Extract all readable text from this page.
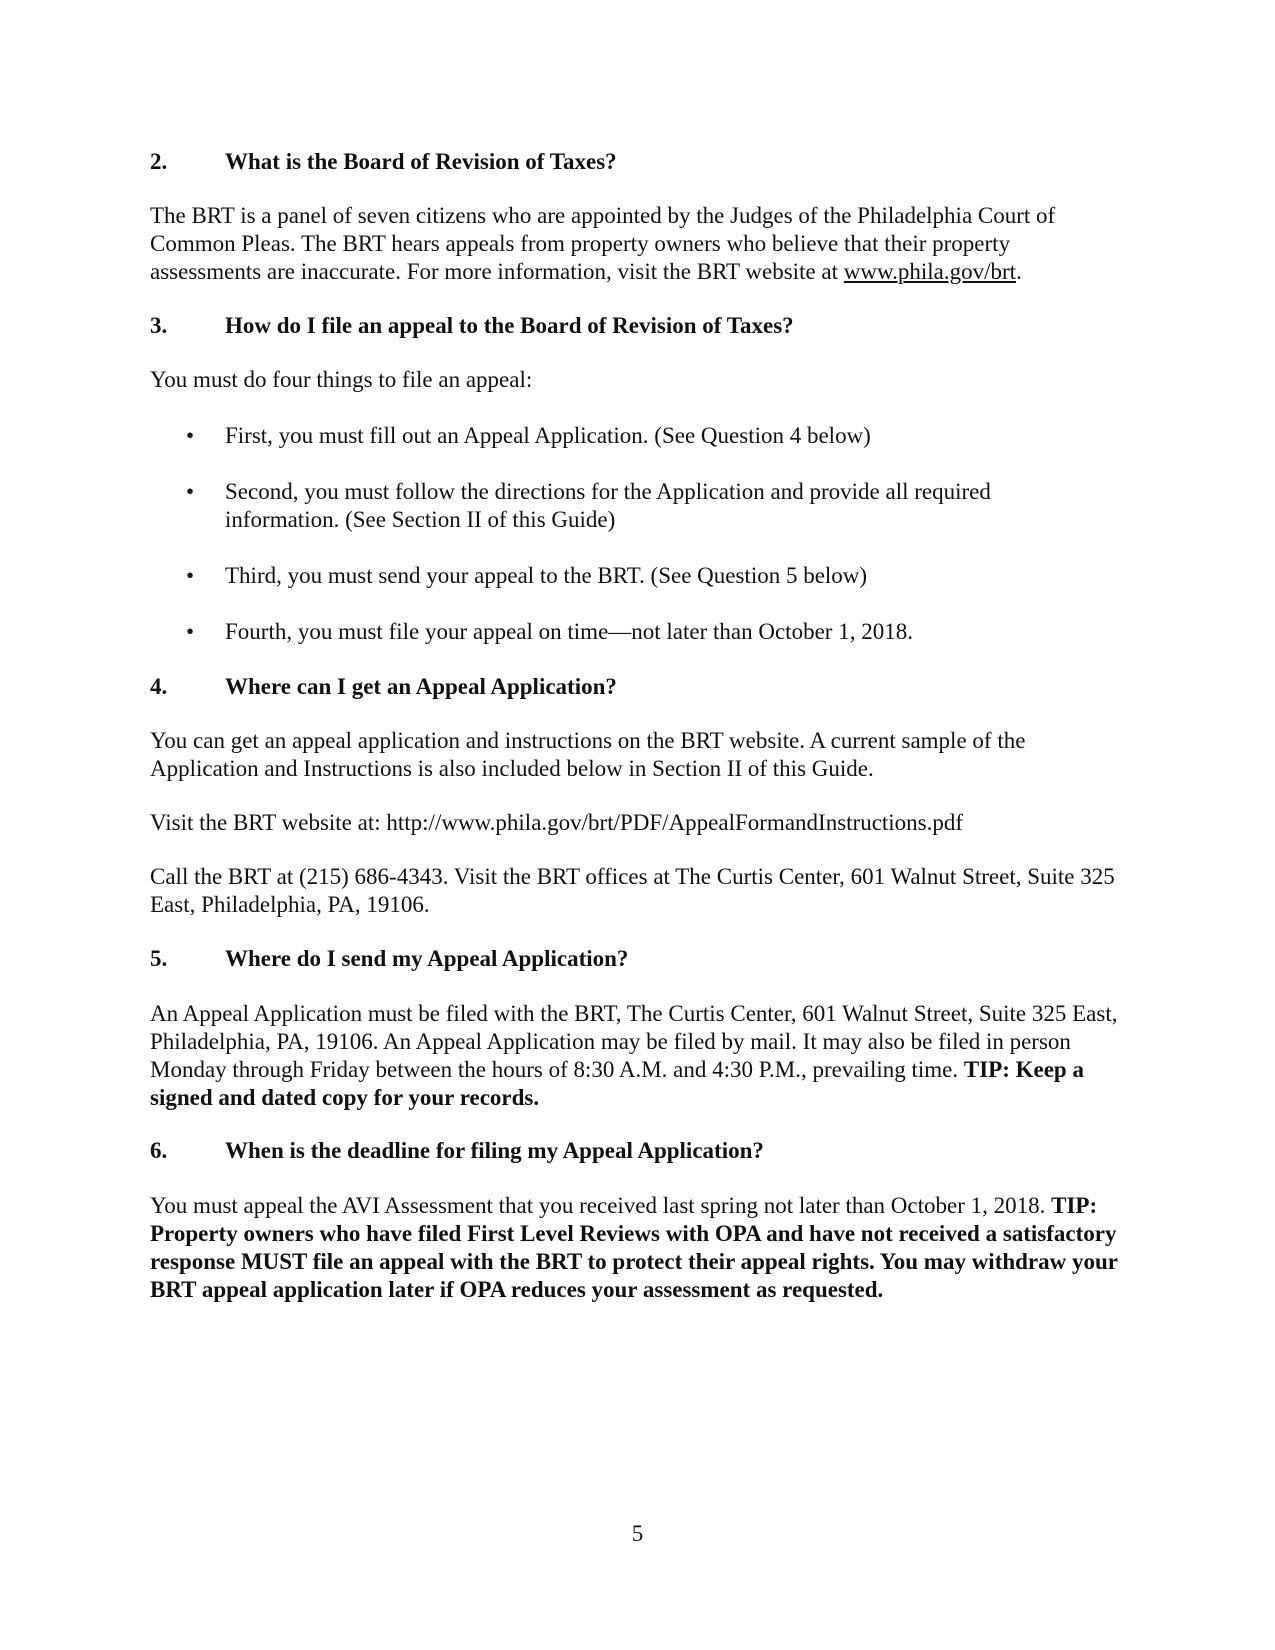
2.	What is the Board of Revision of Taxes?

The BRT is a panel of seven citizens who are appointed by the Judges of the Philadelphia Court of Common Pleas. The BRT hears appeals from property owners who believe that their property assessments are inaccurate. For more information, visit the BRT website at www.phila.gov/brt.

3.	How do I file an appeal to the Board of Revision of Taxes?

You must do four things to file an appeal:

• First, you must fill out an Appeal Application. (See Question 4 below)
• Second, you must follow the directions for the Application and provide all required information. (See Section II of this Guide)
• Third, you must send your appeal to the BRT. (See Question 5 below)
• Fourth, you must file your appeal on time—not later than October 1, 2018.
4.	Where can I get an Appeal Application?

You can get an appeal application and instructions on the BRT website. A current sample of the Application and Instructions is also included below in Section II of this Guide.

Visit the BRT website at: http://www.phila.gov/brt/PDF/AppealFormandInstructions.pdf

Call the BRT at (215) 686-4343. Visit the BRT offices at The Curtis Center, 601 Walnut Street, Suite 325 East, Philadelphia, PA, 19106.

5.	Where do I send my Appeal Application?

An Appeal Application must be filed with the BRT, The Curtis Center, 601 Walnut Street, Suite 325 East, Philadelphia, PA, 19106. An Appeal Application may be filed by mail. It may also be filed in person Monday through Friday between the hours of 8:30 A.M. and 4:30 P.M., prevailing time. TIP: Keep a signed and dated copy for your records.

6.	When is the deadline for filing my Appeal Application?

You must appeal the AVI Assessment that you received last spring not later than October 1, 2018. TIP: Property owners who have filed First Level Reviews with OPA and have not received a satisfactory response MUST file an appeal with the BRT to protect their appeal rights. You may withdraw your BRT appeal application later if OPA reduces your assessment as requested.

5
